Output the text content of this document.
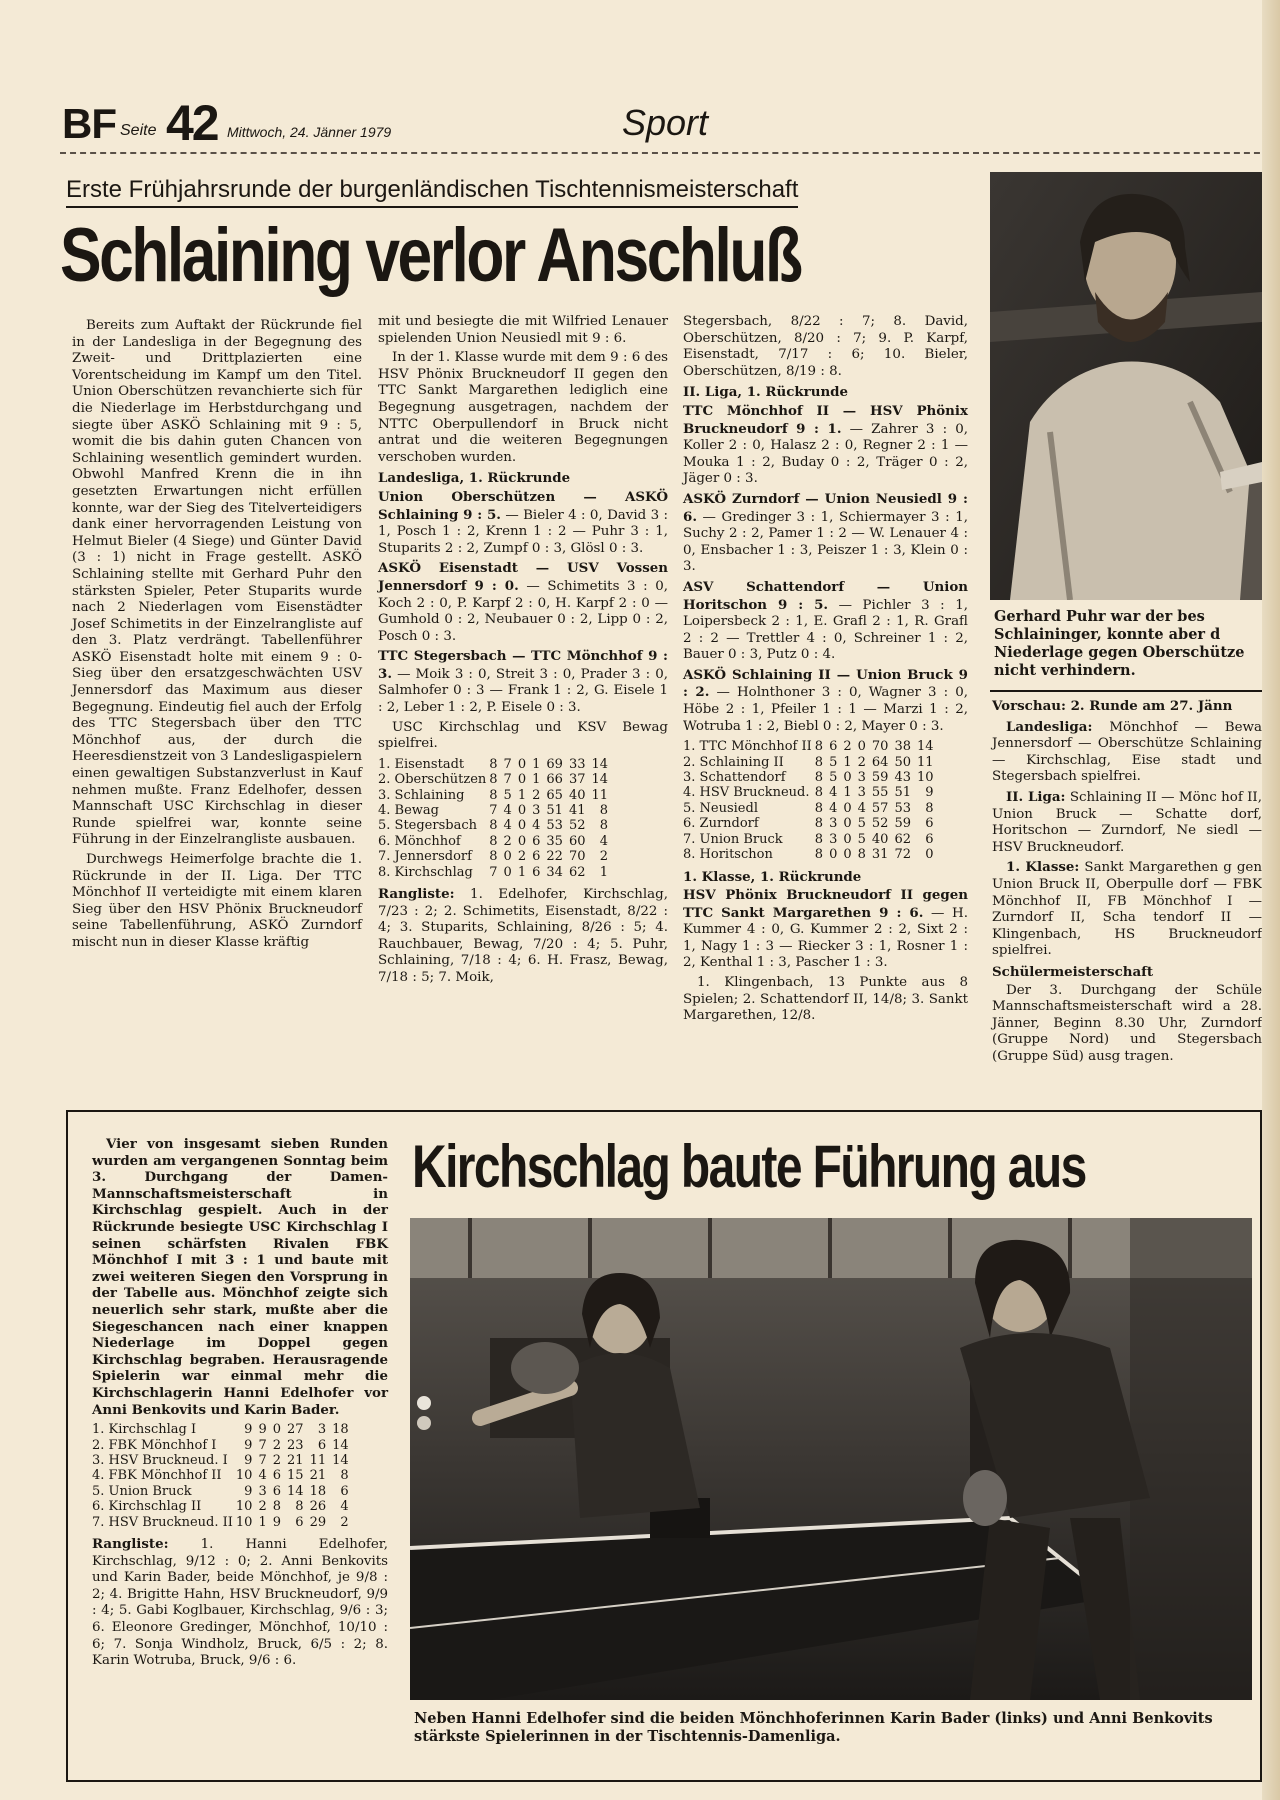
BF Seite 42 Mittwoch, 24. Jänner 1979	Sport
Erste Frühjahrsrunde der burgenländischen Tischtennismeisterschaft
Schlaining verlor Anschluß

Bereits zum Auftakt der Rückrunde fiel in der Landesliga in der Begegnung des Zweit- und Drittplazierten eine Vorentscheidung im Kampf um den Titel. Union Oberschützen revanchierte sich für die Niederlage im Herbstdurchgang und siegte über ASKÖ Schlaining mit 9 : 5, womit die bis dahin guten Chancen von Schlaining wesentlich gemindert wurden. Obwohl Manfred Krenn die in ihn gesetzten Erwartungen nicht erfüllen konnte, war der Sieg des Titelverteidigers dank einer hervorragenden Leistung von Helmut Bieler (4 Siege) und Günter David (3 : 1) nicht in Frage gestellt. ASKÖ Schlaining stellte mit Gerhard Puhr den stärksten Spieler, Peter Stuparits wurde nach 2 Niederlagen vom Eisenstädter Josef Schimetits in der Einzelrangliste auf den 3. Platz verdrängt. Tabellenführer ASKÖ Eisenstadt holte mit einem 9 : 0-Sieg über den ersatzgeschwächten USV Jennersdorf das Maximum aus dieser Begegnung. Eindeutig fiel auch der Erfolg des TTC Stegersbach über den TTC Mönchhof aus, der durch die Heeresdienstzeit von 3 Landesligaspielern einen gewaltigen Substanzverlust in Kauf nehmen mußte. Franz Edelhofer, dessen Mannschaft USC Kirchschlag in dieser Runde spielfrei war, konnte seine Führung in der Einzelrangliste ausbauen.

Durchwegs Heimerfolge brachte die 1. Rückrunde in der II. Liga. Der TTC Mönchhof II verteidigte mit einem klaren Sieg über den HSV Phönix Bruckneudorf seine Tabellenführung, ASKÖ Zurndorf mischt nun in dieser Klasse kräftig

mit und besiegte die mit Wilfried Lenauer spielenden Union Neusiedl mit 9 : 6.

In der 1. Klasse wurde mit dem 9 : 6 des HSV Phönix Bruckneudorf II gegen den TTC Sankt Margarethen lediglich eine Begegnung ausgetragen, nachdem der NTTC Oberpullendorf in Bruck nicht antrat und die weiteren Begegnungen verschoben wurden.

Landesliga, 1. Rückrunde

Union Oberschützen — ASKÖ Schlaining 9 : 5. — Bieler 4 : 0, David 3 : 1, Posch 1 : 2, Krenn 1 : 2 — Puhr 3 : 1, Stuparits 2 : 2, Zumpf 0 : 3, Glösl 0 : 3.

ASKÖ Eisenstadt — USV Vossen Jennersdorf 9 : 0. — Schimetits 3 : 0, Koch 2 : 0, P. Karpf 2 : 0, H. Karpf 2 : 0 — Gumhold 0 : 2, Neubauer 0 : 2, Lipp 0 : 2, Posch 0 : 3.

TTC Stegersbach — TTC Mönchhof 9 : 3. — Moik 3 : 0, Streit 3 : 0, Prader 3 : 0, Salmhofer 0 : 3 — Frank 1 : 2, G. Eisele 1 : 2, Leber 1 : 2, P. Eisele 0 : 3.

USC Kirchschlag und KSV Bewag spielfrei.

1. Eisenstadt	8	7	0	1	69	33	14
2. Oberschützen	8	7	0	1	66	37	14
3. Schlaining	8	5	1	2	65	40	11
4. Bewag	7	4	0	3	51	41	8
5. Stegersbach	8	4	0	4	53	52	8
6. Mönchhof	8	2	0	6	35	60	4
7. Jennersdorf	8	0	2	6	22	70	2
8. Kirchschlag	7	0	1	6	34	62	1

Rangliste: 1. Edelhofer, Kirchschlag, 7/23 : 2; 2. Schimetits, Eisenstadt, 8/22 : 4; 3. Stuparits, Schlaining, 8/26 : 5; 4. Rauchbauer, Bewag, 7/20 : 4; 5. Puhr, Schlaining, 7/18 : 4; 6. H. Frasz, Bewag, 7/18 : 5; 7. Moik,

Stegersbach, 8/22 : 7; 8. David, Oberschützen, 8/20 : 7; 9. P. Karpf, Eisenstadt, 7/17 : 6; 10. Bieler, Oberschützen, 8/19 : 8.

II. Liga, 1. Rückrunde

TTC Mönchhof II — HSV Phönix Bruckneudorf 9 : 1. — Zahrer 3 : 0, Koller 2 : 0, Halasz 2 : 0, Regner 2 : 1 — Mouka 1 : 2, Buday 0 : 2, Träger 0 : 2, Jäger 0 : 3.

ASKÖ Zurndorf — Union Neusiedl 9 : 6. — Gredinger 3 : 1, Schiermayer 3 : 1, Suchy 2 : 2, Pamer 1 : 2 — W. Lenauer 4 : 0, Ensbacher 1 : 3, Peiszer 1 : 3, Klein 0 : 3.

ASV Schattendorf — Union Horitschon 9 : 5. — Pichler 3 : 1, Loipersbeck 2 : 1, E. Grafl 2 : 1, R. Grafl 2 : 2 — Trettler 4 : 0, Schreiner 1 : 2, Bauer 0 : 3, Putz 0 : 4.

ASKÖ Schlaining II — Union Bruck 9 : 2. — Holnthoner 3 : 0, Wagner 3 : 0, Höbe 2 : 1, Pfeiler 1 : 1 — Marzi 1 : 2, Wotruba 1 : 2, Biebl 0 : 2, Mayer 0 : 3.

1. TTC Mönchhof II	8	6	2	0	70	38	14
2. Schlaining II	8	5	1	2	64	50	11
3. Schattendorf	8	5	0	3	59	43	10
4. HSV Bruckneud.	8	4	1	3	55	51	9
5. Neusiedl	8	4	0	4	57	53	8
6. Zurndorf	8	3	0	5	52	59	6
7. Union Bruck	8	3	0	5	40	62	6
8. Horitschon	8	0	0	8	31	72	0
1. Klasse, 1. Rückrunde

HSV Phönix Bruckneudorf II gegen TTC Sankt Margarethen 9 : 6. — H. Kummer 4 : 0, G. Kummer 2 : 2, Sixt 2 : 1, Nagy 1 : 3 — Riecker 3 : 1, Rosner 1 : 2, Kenthal 1 : 3, Pascher 1 : 3.

1. Klingenbach, 13 Punkte aus 8 Spielen; 2. Schattendorf II, 14/8; 3. Sankt Margarethen, 12/8.

Gerhard Puhr war der bes Schlaininger, konnte aber d Niederlage gegen Oberschütze nicht verhindern.

Vorschau: 2. Runde am 27. Jänn

Landesliga: Mönchhof — Bewa Jennersdorf — Oberschütze Schlaining — Kirchschlag, Eise stadt und Stegersbach spielfrei.

II. Liga: Schlaining II — Mönc hof II, Union Bruck — Schatte dorf, Horitschon — Zurndorf, Ne siedl — HSV Bruckneudorf.

1. Klasse: Sankt Margarethen g gen Union Bruck II, Oberpulle dorf — FBK Mönchhof II, FB Mönchhof I — Zurndorf II, Scha tendorf II — Klingenbach, HS Bruckneudorf spielfrei.

Schülermeisterschaft

Der 3. Durchgang der Schüle Mannschaftsmeisterschaft wird a 28. Jänner, Beginn 8.30 Uhr, Zurndorf (Gruppe Nord) und Stegersbach (Gruppe Süd) ausg tragen.

Kirchschlag baute Führung aus

Vier von insgesamt sieben Runden wurden am vergangenen Sonntag beim 3. Durchgang der Damen-Mannschaftsmeisterschaft in Kirchschlag gespielt. Auch in der Rückrunde besiegte USC Kirchschlag I seinen schärfsten Rivalen FBK Mönchhof I mit 3 : 1 und baute mit zwei weiteren Siegen den Vorsprung in der Tabelle aus. Mönchhof zeigte sich neuerlich sehr stark, mußte aber die Siegeschancen nach einer knappen Niederlage im Doppel gegen Kirchschlag begraben. Herausragende Spielerin war einmal mehr die Kirchschlagerin Hanni Edelhofer vor Anni Benkovits und Karin Bader.

1. Kirchschlag I	9	9	0	27	3	18
2. FBK Mönchhof I	9	7	2	23	6	14
3. HSV Bruckneud. I	9	7	2	21	11	14
4. FBK Mönchhof II	10	4	6	15	21	8
5. Union Bruck	9	3	6	14	18	6
6. Kirchschlag II	10	2	8	8	26	4
7. HSV Bruckneud. II	10	1	9	6	29	2

Rangliste: 1. Hanni Edelhofer, Kirchschlag, 9/12 : 0; 2. Anni Benkovits und Karin Bader, beide Mönchhof, je 9/8 : 2; 4. Brigitte Hahn, HSV Bruckneudorf, 9/9 : 4; 5. Gabi Koglbauer, Kirchschlag, 9/6 : 3; 6. Eleonore Gredinger, Mönchhof, 10/10 : 6; 7. Sonja Windholz, Bruck, 6/5 : 2; 8. Karin Wotruba, Bruck, 9/6 : 6.

Neben Hanni Edelhofer sind die beiden Mönchhoferinnen Karin Bader (links) und Anni Benkovits stärkste Spielerinnen in der Tischtennis-Damenliga.
